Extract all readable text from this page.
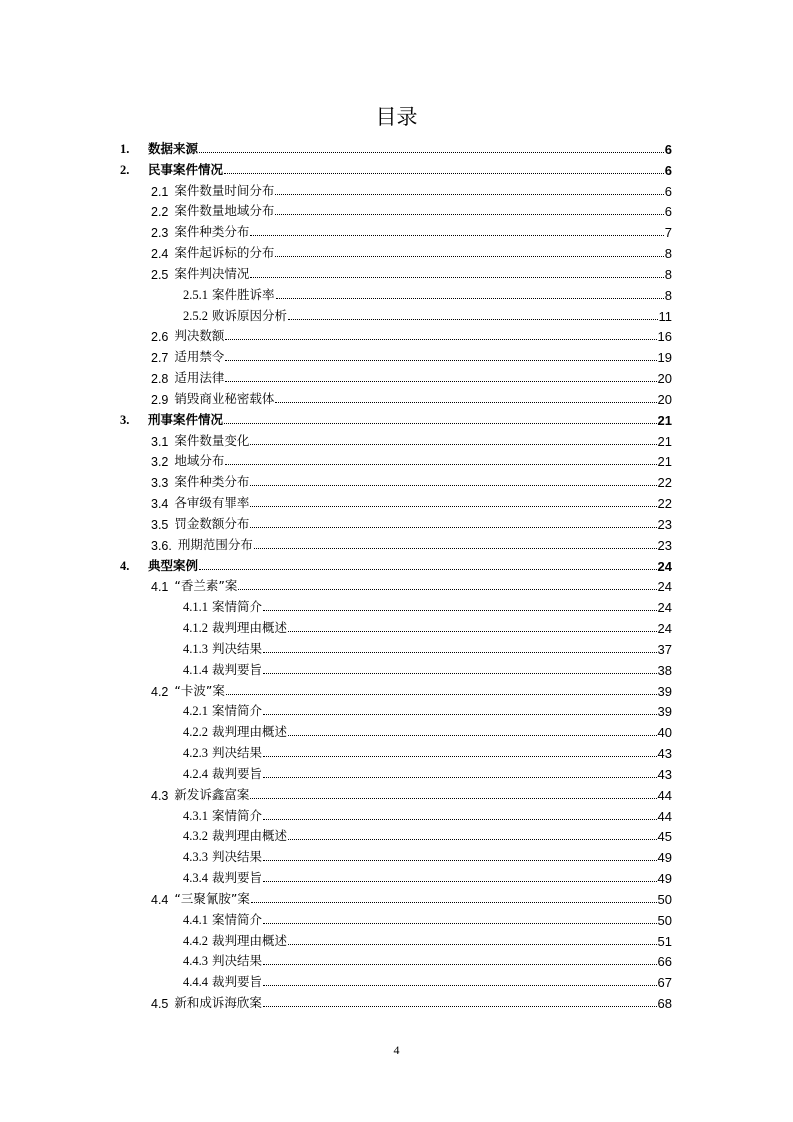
目录
1.	数据来源	6
2.	民事案件情况	6
2.1 案件数量时间分布	6
2.2 案件数量地域分布	6
2.3 案件种类分布	7
2.4 案件起诉标的分布	8
2.5 案件判决情况	8
2.5.1 案件胜诉率	8
2.5.2 败诉原因分析	11
2.6 判决数额	16
2.7 适用禁令	19
2.8 适用法律	20
2.9 销毁商业秘密载体	20
3.	刑事案件情况	21
3.1 案件数量变化	21
3.2 地域分布	21
3.3 案件种类分布	22
3.4 各审级有罪率	22
3.5 罚金数额分布	23
3.6. 刑期范围分布	23
4.	典型案例	24
4.1 “香兰素”案	24
4.1.1 案情简介	24
4.1.2 裁判理由概述	24
4.1.3 判决结果	37
4.1.4 裁判要旨	38
4.2 “卡波”案	39
4.2.1 案情简介	39
4.2.2 裁判理由概述	40
4.2.3 判决结果	43
4.2.4 裁判要旨	43
4.3 新发诉鑫富案	44
4.3.1 案情简介	44
4.3.2 裁判理由概述	45
4.3.3 判决结果	49
4.3.4 裁判要旨	49
4.4 “三聚氰胺”案	50
4.4.1 案情简介	50
4.4.2 裁判理由概述	51
4.4.3 判决结果	66
4.4.4 裁判要旨	67
4.5 新和成诉海欣案	68
4
